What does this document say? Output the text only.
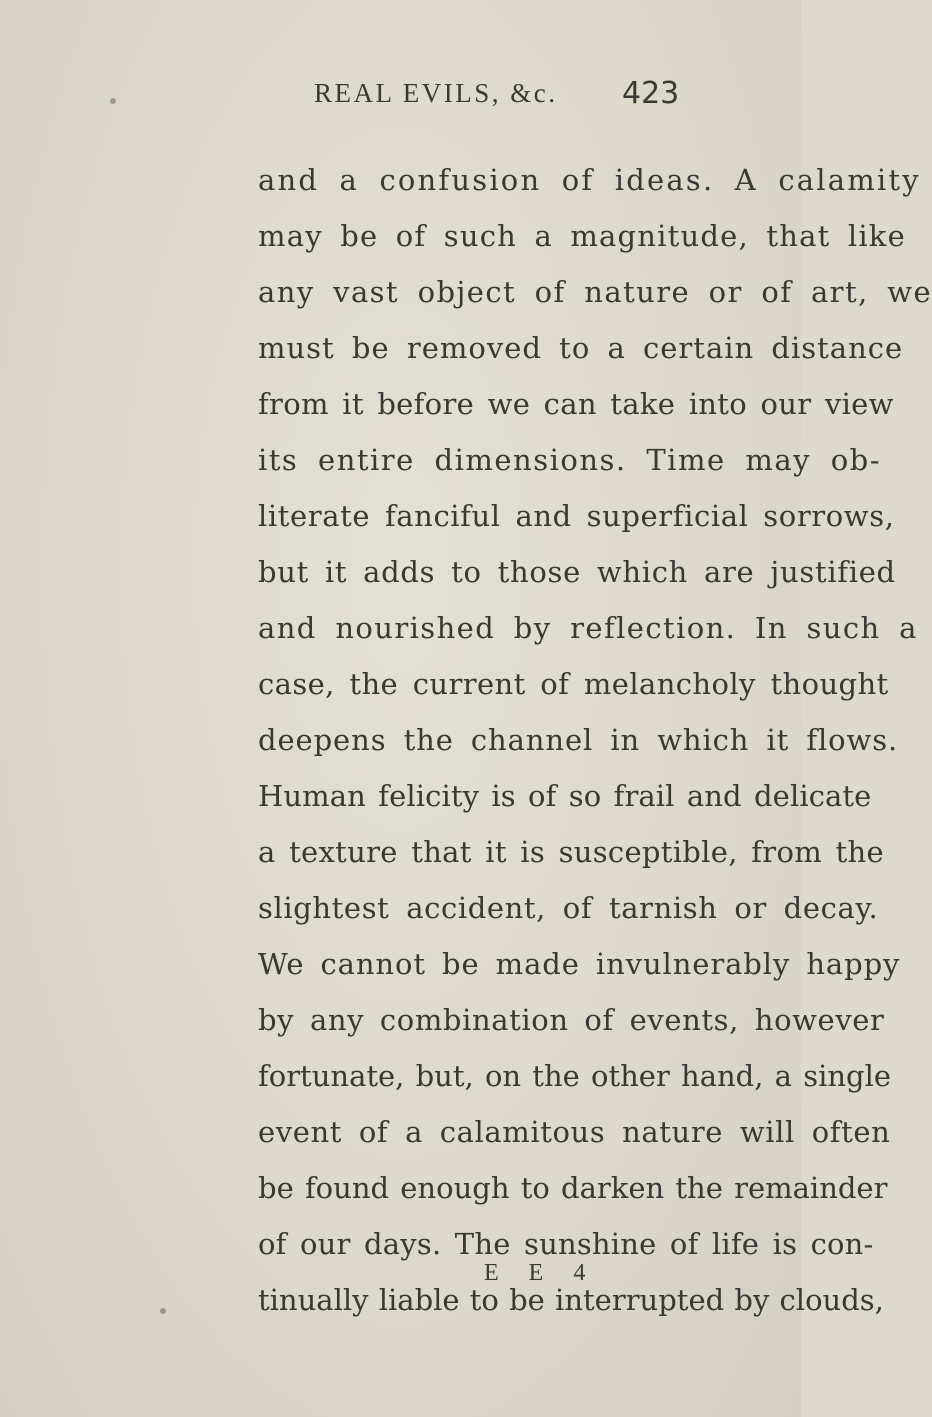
REAL EVILS, &c. 423
and a confusion of ideas. A calamity
may be of such a magnitude, that like
any vast object of nature or of art, we
must be removed to a certain distance
from it before we can take into our view
its entire dimensions. Time may ob-
literate fanciful and superficial sorrows,
but it adds to those which are justified
and nourished by reflection. In such a
case, the current of melancholy thought
deepens the channel in which it flows.
Human felicity is of so frail and delicate
a texture that it is susceptible, from the
slightest accident, of tarnish or decay.
We cannot be made invulnerably happy
by any combination of events, however
fortunate, but, on the other hand, a single
event of a calamitous nature will often
be found enough to darken the remainder
of our days. The sunshine of life is con-
tinually liable to be interrupted by clouds,
E E 4
